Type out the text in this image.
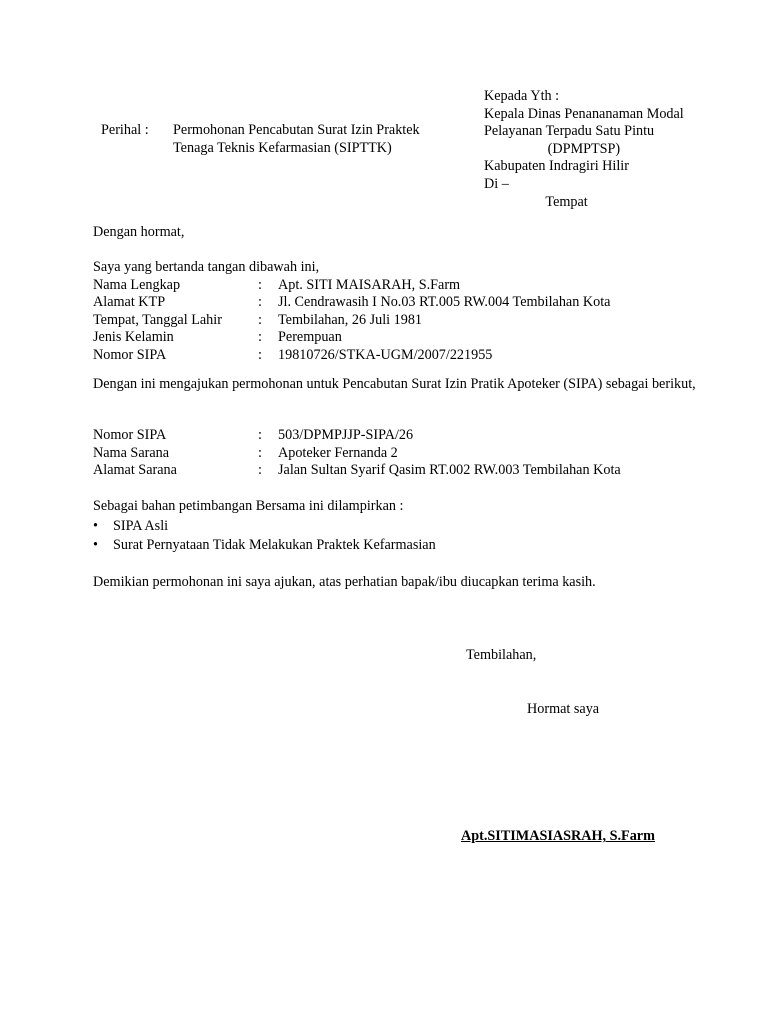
Perihal : Permohonan Pencabutan Surat Izin Praktek
Tenaga Teknis Kefarmasian (SIPTTK)
Kepada Yth :
Kepala Dinas Penananaman Modal
Pelayanan Terpadu Satu Pintu
(DPMPTSP)
Kabupaten Indragiri Hilir
Di –
Tempat
Dengan hormat,
Saya yang bertanda tangan dibawah ini,		
Nama Lengkap	:	Apt. SITI MAISARAH, S.Farm
Alamat KTP	:	Jl. Cendrawasih I No.03 RT.005 RW.004 Tembilahan Kota
Tempat, Tanggal Lahir	:	Tembilahan, 26 Juli 1981
Jenis Kelamin	:	Perempuan
Nomor SIPA	:	19810726/STKA-UGM/2007/221955
Dengan ini mengajukan permohonan untuk Pencabutan Surat Izin Pratik Apoteker (SIPA) sebagai berikut,
Nomor SIPA	:	503/DPMPJJP-SIPA/26
Nama Sarana	:	Apoteker Fernanda 2
Alamat Sarana	:	Jalan Sultan Syarif Qasim RT.002 RW.003 Tembilahan Kota
Sebagai bahan petimbangan Bersama ini dilampirkan :
• SIPA Asli
• Surat Pernyataan Tidak Melakukan Praktek Kefarmasian
Demikian permohonan ini saya ajukan, atas perhatian bapak/ibu diucapkan terima kasih.
Tembilahan,
Hormat saya
Apt.SITIMASIASRAH, S.Farm
